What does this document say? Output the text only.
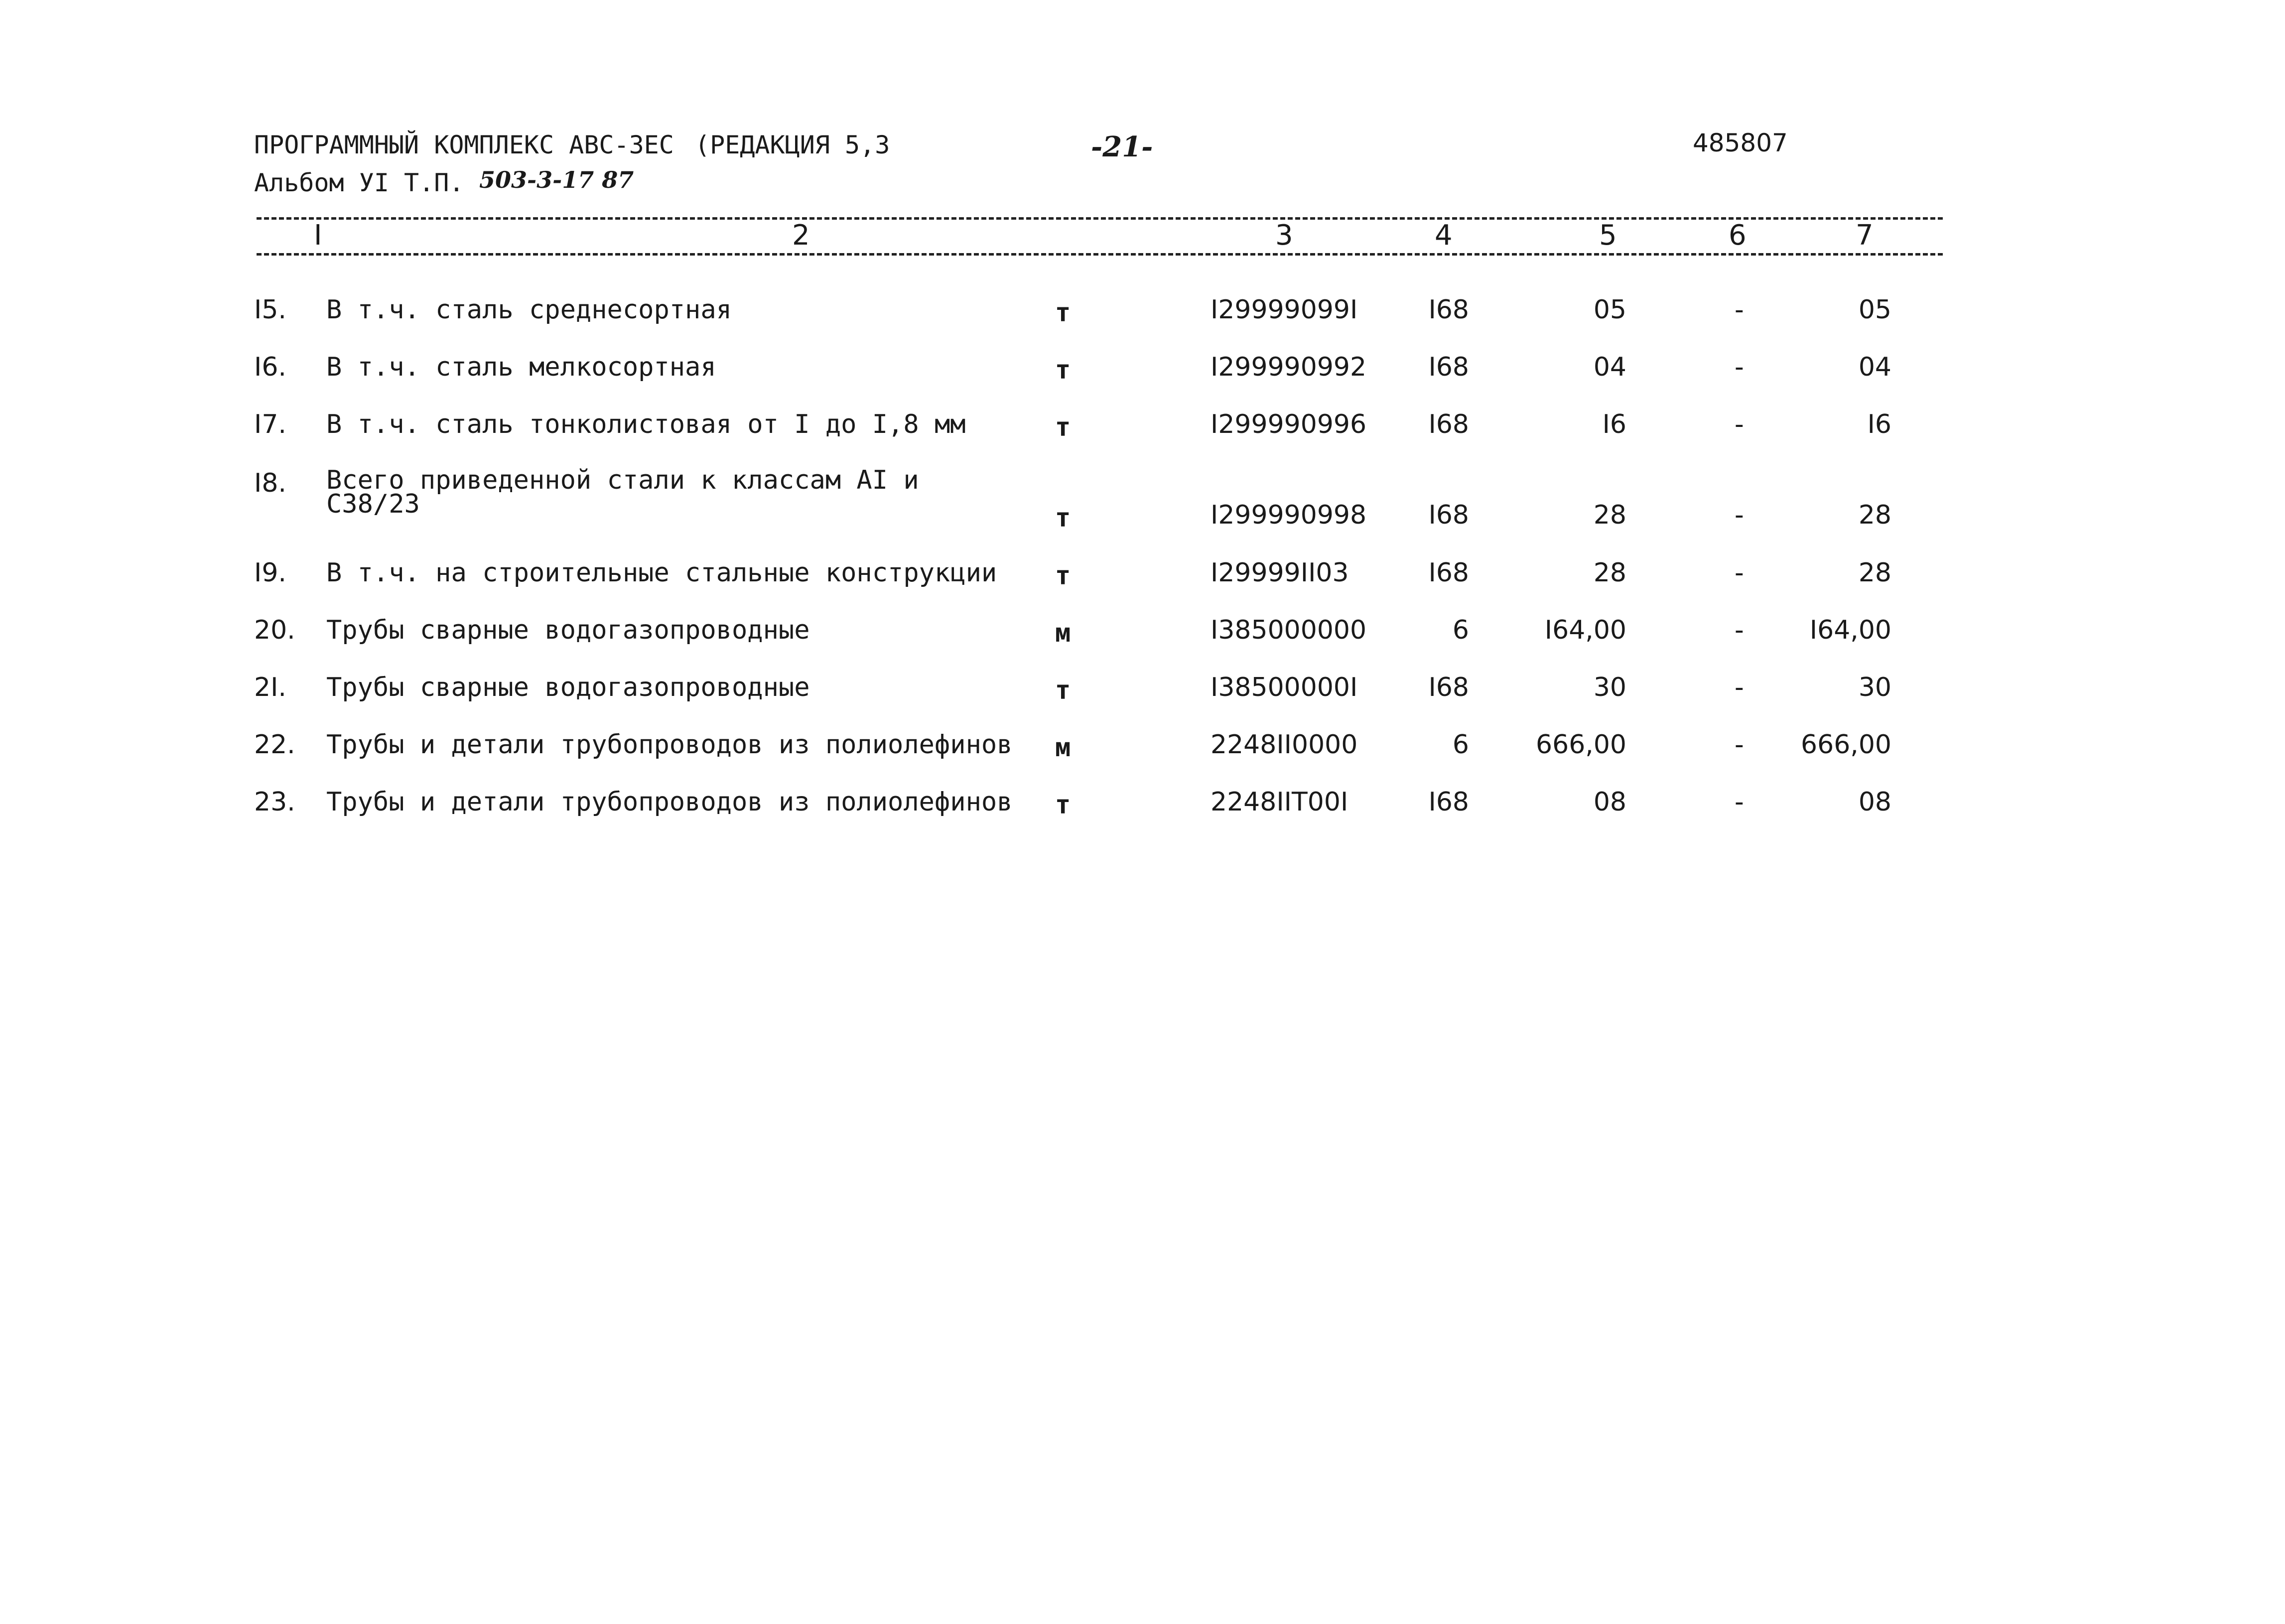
ПРОГРАММНЫЙ КОМПЛЕКС АВС-3ЕС (РЕДАКЦИЯ 5,3	-21-	485807
Альбом УI Т.П. 503-3-17 87
I	2	3	4	5	6	7
I5. В т.ч. сталь среднесортная	т	I29999099I	I68	05	-	05
I6. В т.ч. сталь мелкосортная	т	I299990992 I68	04	-	04
I7. В т.ч. сталь тонколистовая от I до I,8 мм	т	I299990996 I68	I6	-	I6
I8. Всего приведенной стали к классам АI и С38/23	т	I299990998 I68	28	-	28
I9. В т.ч. на строительные стальные конструкции т	I29999II03	I68	28	-	28
20. Трубы сварные водогазопроводные	м	I385000000	6	I64,00	-	I64,00
2I. Трубы сварные водогазопроводные	т	I38500000I	I68	30	-	30
22. Трубы и детали трубопроводов из полиолефинов м	2248II0000	6	666,00	- 666,00
23. Трубы и детали трубопроводов из полиолефинов т	2248IIT00I	I68	08	-	08
